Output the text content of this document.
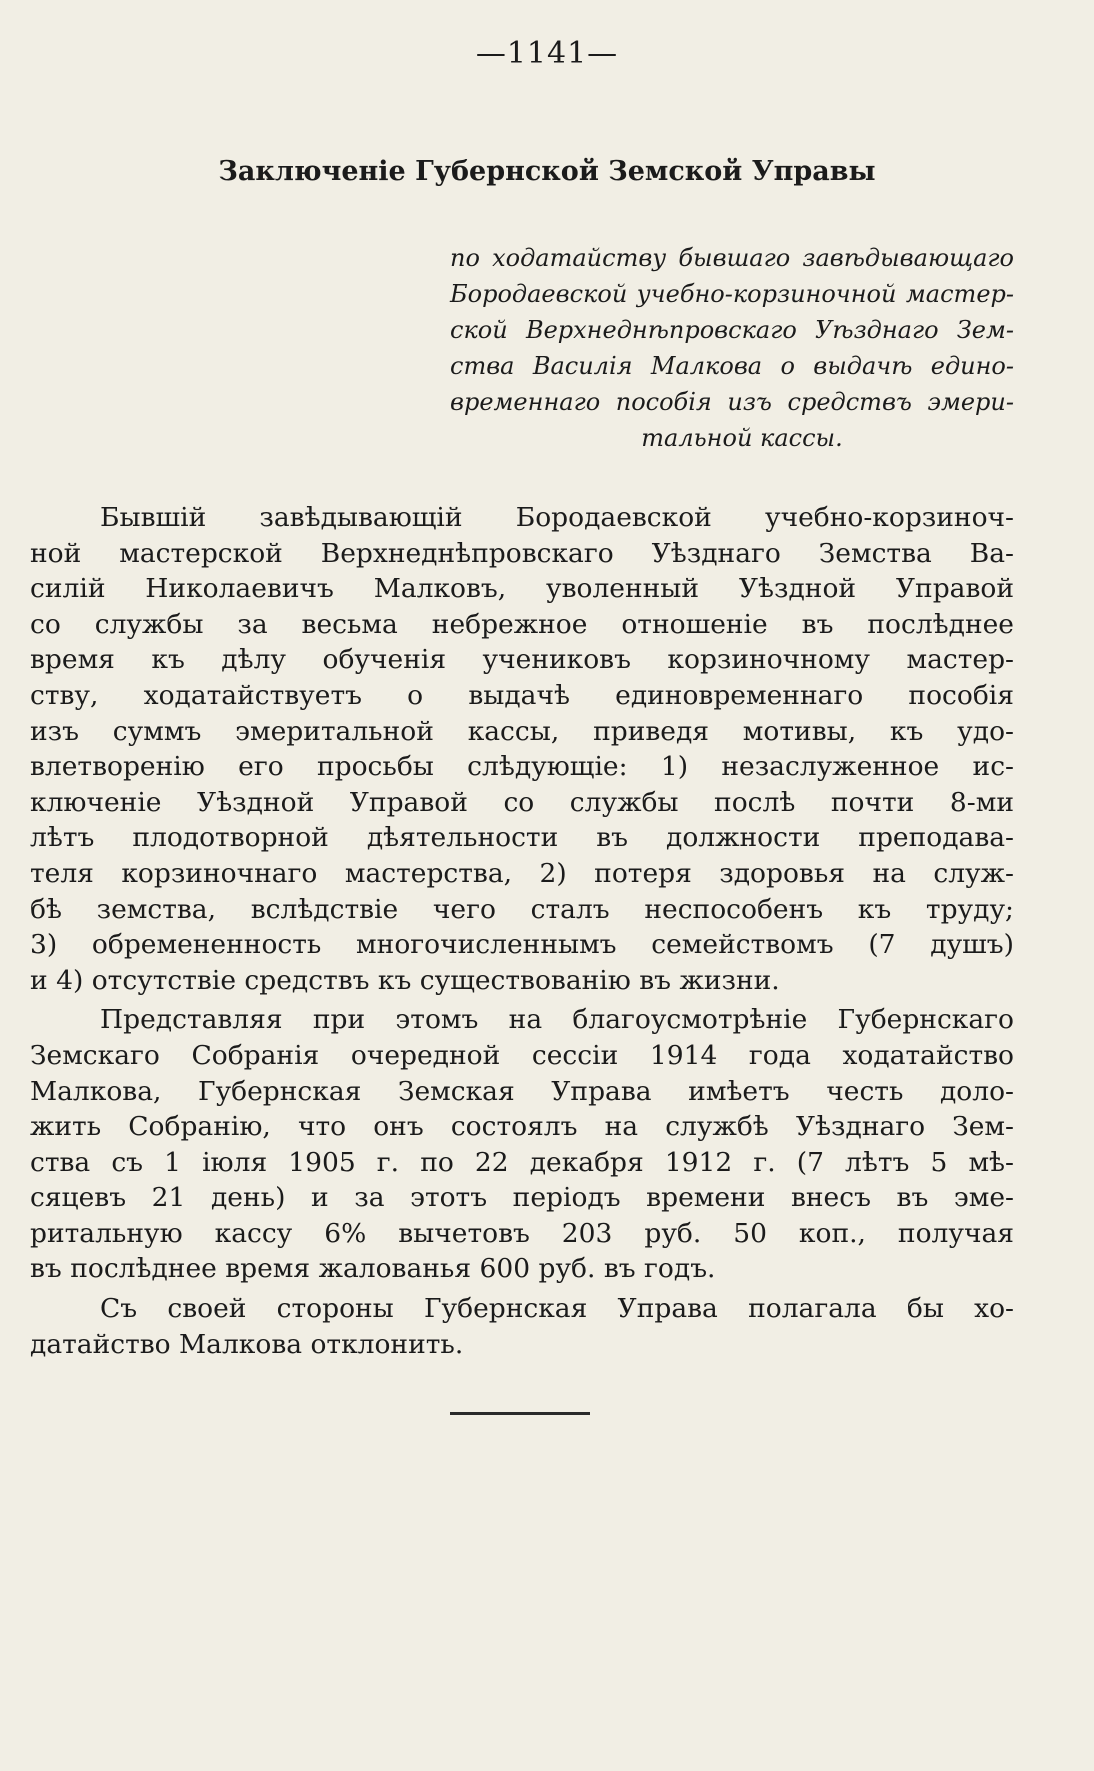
—1141—
Заключенiе Губернской Земской Управы
по ходатайству бывшаго завѣдывающаго
Бородаевской учебно-корзиночной мастер-
ской Верхнеднѣпровскаго Уѣзднаго Зем-
ства Василiя Малкова о выдачѣ едино-
временнаго пособiя изъ средствъ эмери-
тальной кассы.
Бывшiй завѣдывающiй Бородаевской учебно-корзиноч-
ной мастерской Верхнеднѣпровскаго Уѣзднаго Земства Ва-
силiй Николаевичъ Малковъ, уволенный Уѣздной Управой
со службы за весьма небрежное отношенiе въ послѣднее
время къ дѣлу обученiя учениковъ корзиночному мастер-
ству, ходатайствуетъ о выдачѣ единовременнаго пособiя
изъ суммъ эмеритальной кассы, приведя мотивы, къ удо-
влетворенiю его просьбы слѣдующiе: 1) незаслуженное ис-
ключенiе Уѣздной Управой со службы послѣ почти 8-ми
лѣтъ плодотворной дѣятельности въ должности преподава-
теля корзиночнаго мастерства, 2) потеря здоровья на служ-
бѣ земства, вслѣдствiе чего сталъ неспособенъ къ труду;
3) обремененность многочисленнымъ семействомъ (7 душъ)
и 4) отсутствiе средствъ къ существованiю въ жизни.
Представляя при этомъ на благоусмотрѣнiе Губернскаго
Земскаго Собранiя очередной сессiи 1914 года ходатайство
Малкова, Губернская Земская Управа имѣетъ честь доло-
жить Собранiю, что онъ состоялъ на службѣ Уѣзднаго Зем-
ства съ 1 iюля 1905 г. по 22 декабря 1912 г. (7 лѣтъ 5 мѣ-
сяцевъ 21 день) и за этотъ перiодъ времени внесъ въ эме-
ритальную кассу 6% вычетовъ 203 руб. 50 коп., получая
въ послѣднее время жалованья 600 руб. въ годъ.
Съ своей стороны Губернская Управа полагала бы хо-
датайство Малкова отклонить.
